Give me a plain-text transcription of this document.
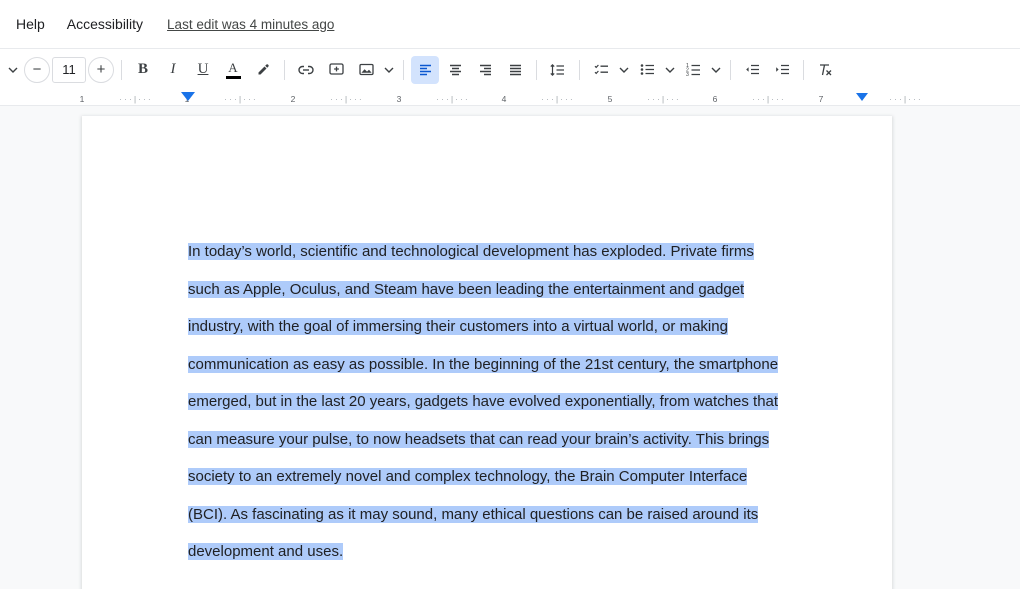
Help	Accessibility	Last edit was 4 minutes ago
−	11	+	B I U A	1
2
3
1	· · · | · · ·	1	· · · | · · ·	2	· · · | · · ·	3	· · · | · · ·	4	· · · | · · ·	5	· · · | · · ·	6	· · · | · · ·	7	· · · | · · ·

In today’s world, scientific and technological development has exploded. Private firms such as Apple, Oculus, and Steam have been leading the entertainment and gadget industry, with the goal of immersing their customers into a virtual world, or making communication as easy as possible. In the beginning of the 21st century, the smartphone emerged, but in the last 20 years, gadgets have evolved exponentially, from watches that can measure your pulse, to now headsets that can read your brain’s activity. This brings society to an extremely novel and complex technology, the Brain Computer Interface (BCI). As fascinating as it may sound, many ethical questions can be raised around its development and uses.
